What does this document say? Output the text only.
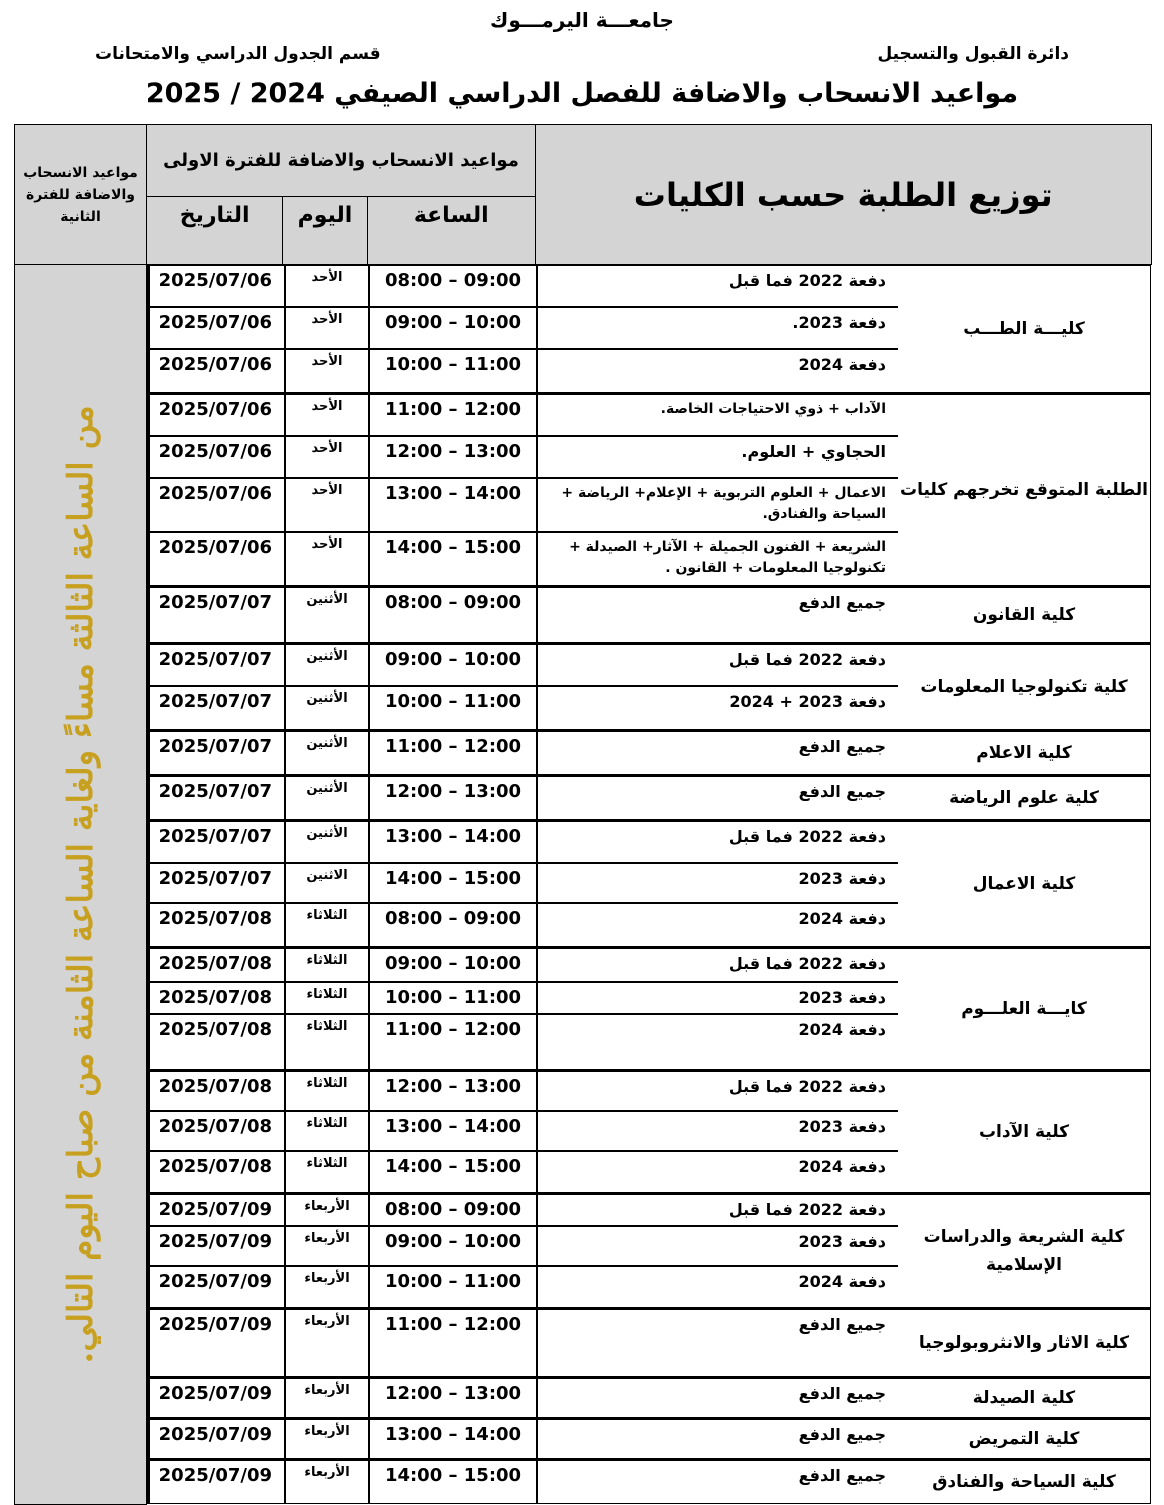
جامعـــة اليرمـــوك
دائرة القبول والتسجيل
قسم الجدول الدراسي والامتحانات
مواعيد الانسحاب والاضافة للفصل الدراسي الصيفي 2024 / 2025
مواعيد الانسحاب والاضافة للفترة الثانية	مواعيد الانسحاب والاضافة للفترة الاولى	توزيع الطلبة حسب الكليات
التاريخ	اليوم	الساعة

من الساعة الثالثة مساءً ولغاية الساعة الثامنة من صباح اليوم التالي.

2025/07/06	الأحد	08:00 – 09:00	دفعة 2022 فما قبل	كليـــة الطـــب
2025/07/06	الأحد	09:00 – 10:00	دفعة 2023.
2025/07/06	الأحد	10:00 – 11:00	دفعة 2024
2025/07/06	الأحد	11:00 – 12:00	الآداب + ذوي الاحتياجات الخاصة.	الطلبة المتوقع تخرجهم كليات
2025/07/06	الأحد	12:00 – 13:00	الحجاوي + العلوم.
2025/07/06	الأحد	13:00 – 14:00	الاعمال + العلوم التربوية + الإعلام+ الرياضة + السياحة والفنادق.
2025/07/06	الأحد	14:00 – 15:00	الشريعة + الفنون الجميلة + الآثار+ الصيدلة + تكنولوجيا المعلومات + القانون .
2025/07/07	الأثنين	08:00 – 09:00	جميع الدفع	كلية القانون
2025/07/07	الأثنين	09:00 – 10:00	دفعة 2022 فما قبل	كلية تكنولوجيا المعلومات
2025/07/07	الأثنين	10:00 – 11:00	دفعة 2023 + 2024
2025/07/07	الأثنين	11:00 – 12:00	جميع الدفع	كلية الاعلام
2025/07/07	الأثنين	12:00 – 13:00	جميع الدفع	كلية علوم الرياضة
2025/07/07	الأثنين	13:00 – 14:00	دفعة 2022 فما قبل	كلية الاعمال
2025/07/07	الاثنين	14:00 – 15:00	دفعة 2023
2025/07/08	الثلاثاء	08:00 – 09:00	دفعة 2024
2025/07/08	الثلاثاء	09:00 – 10:00	دفعة 2022 فما قبل	كايـــة العلـــوم
2025/07/08	الثلاثاء	10:00 – 11:00	دفعة 2023
2025/07/08	الثلاثاء	11:00 – 12:00	دفعة 2024
2025/07/08	الثلاثاء	12:00 – 13:00	دفعة 2022 فما قبل	كلية الآداب
2025/07/08	الثلاثاء	13:00 – 14:00	دفعة 2023
2025/07/08	الثلاثاء	14:00 – 15:00	دفعة 2024
2025/07/09	الأربعاء	08:00 – 09:00	دفعة 2022 فما قبل	كلية الشريعة والدراسات الإسلامية
2025/07/09	الأربعاء	09:00 – 10:00	دفعة 2023
2025/07/09	الأربعاء	10:00 – 11:00	دفعة 2024
2025/07/09	الأربعاء	11:00 – 12:00	جميع الدفع	كلية الاثار والانثروبولوجيا
2025/07/09	الأربعاء	12:00 – 13:00	جميع الدفع	كلية الصيدلة
2025/07/09	الأربعاء	13:00 – 14:00	جميع الدفع	كلية التمريض
2025/07/09	الأربعاء	14:00 – 15:00	جميع الدفع	كلية السياحة والفنادق
